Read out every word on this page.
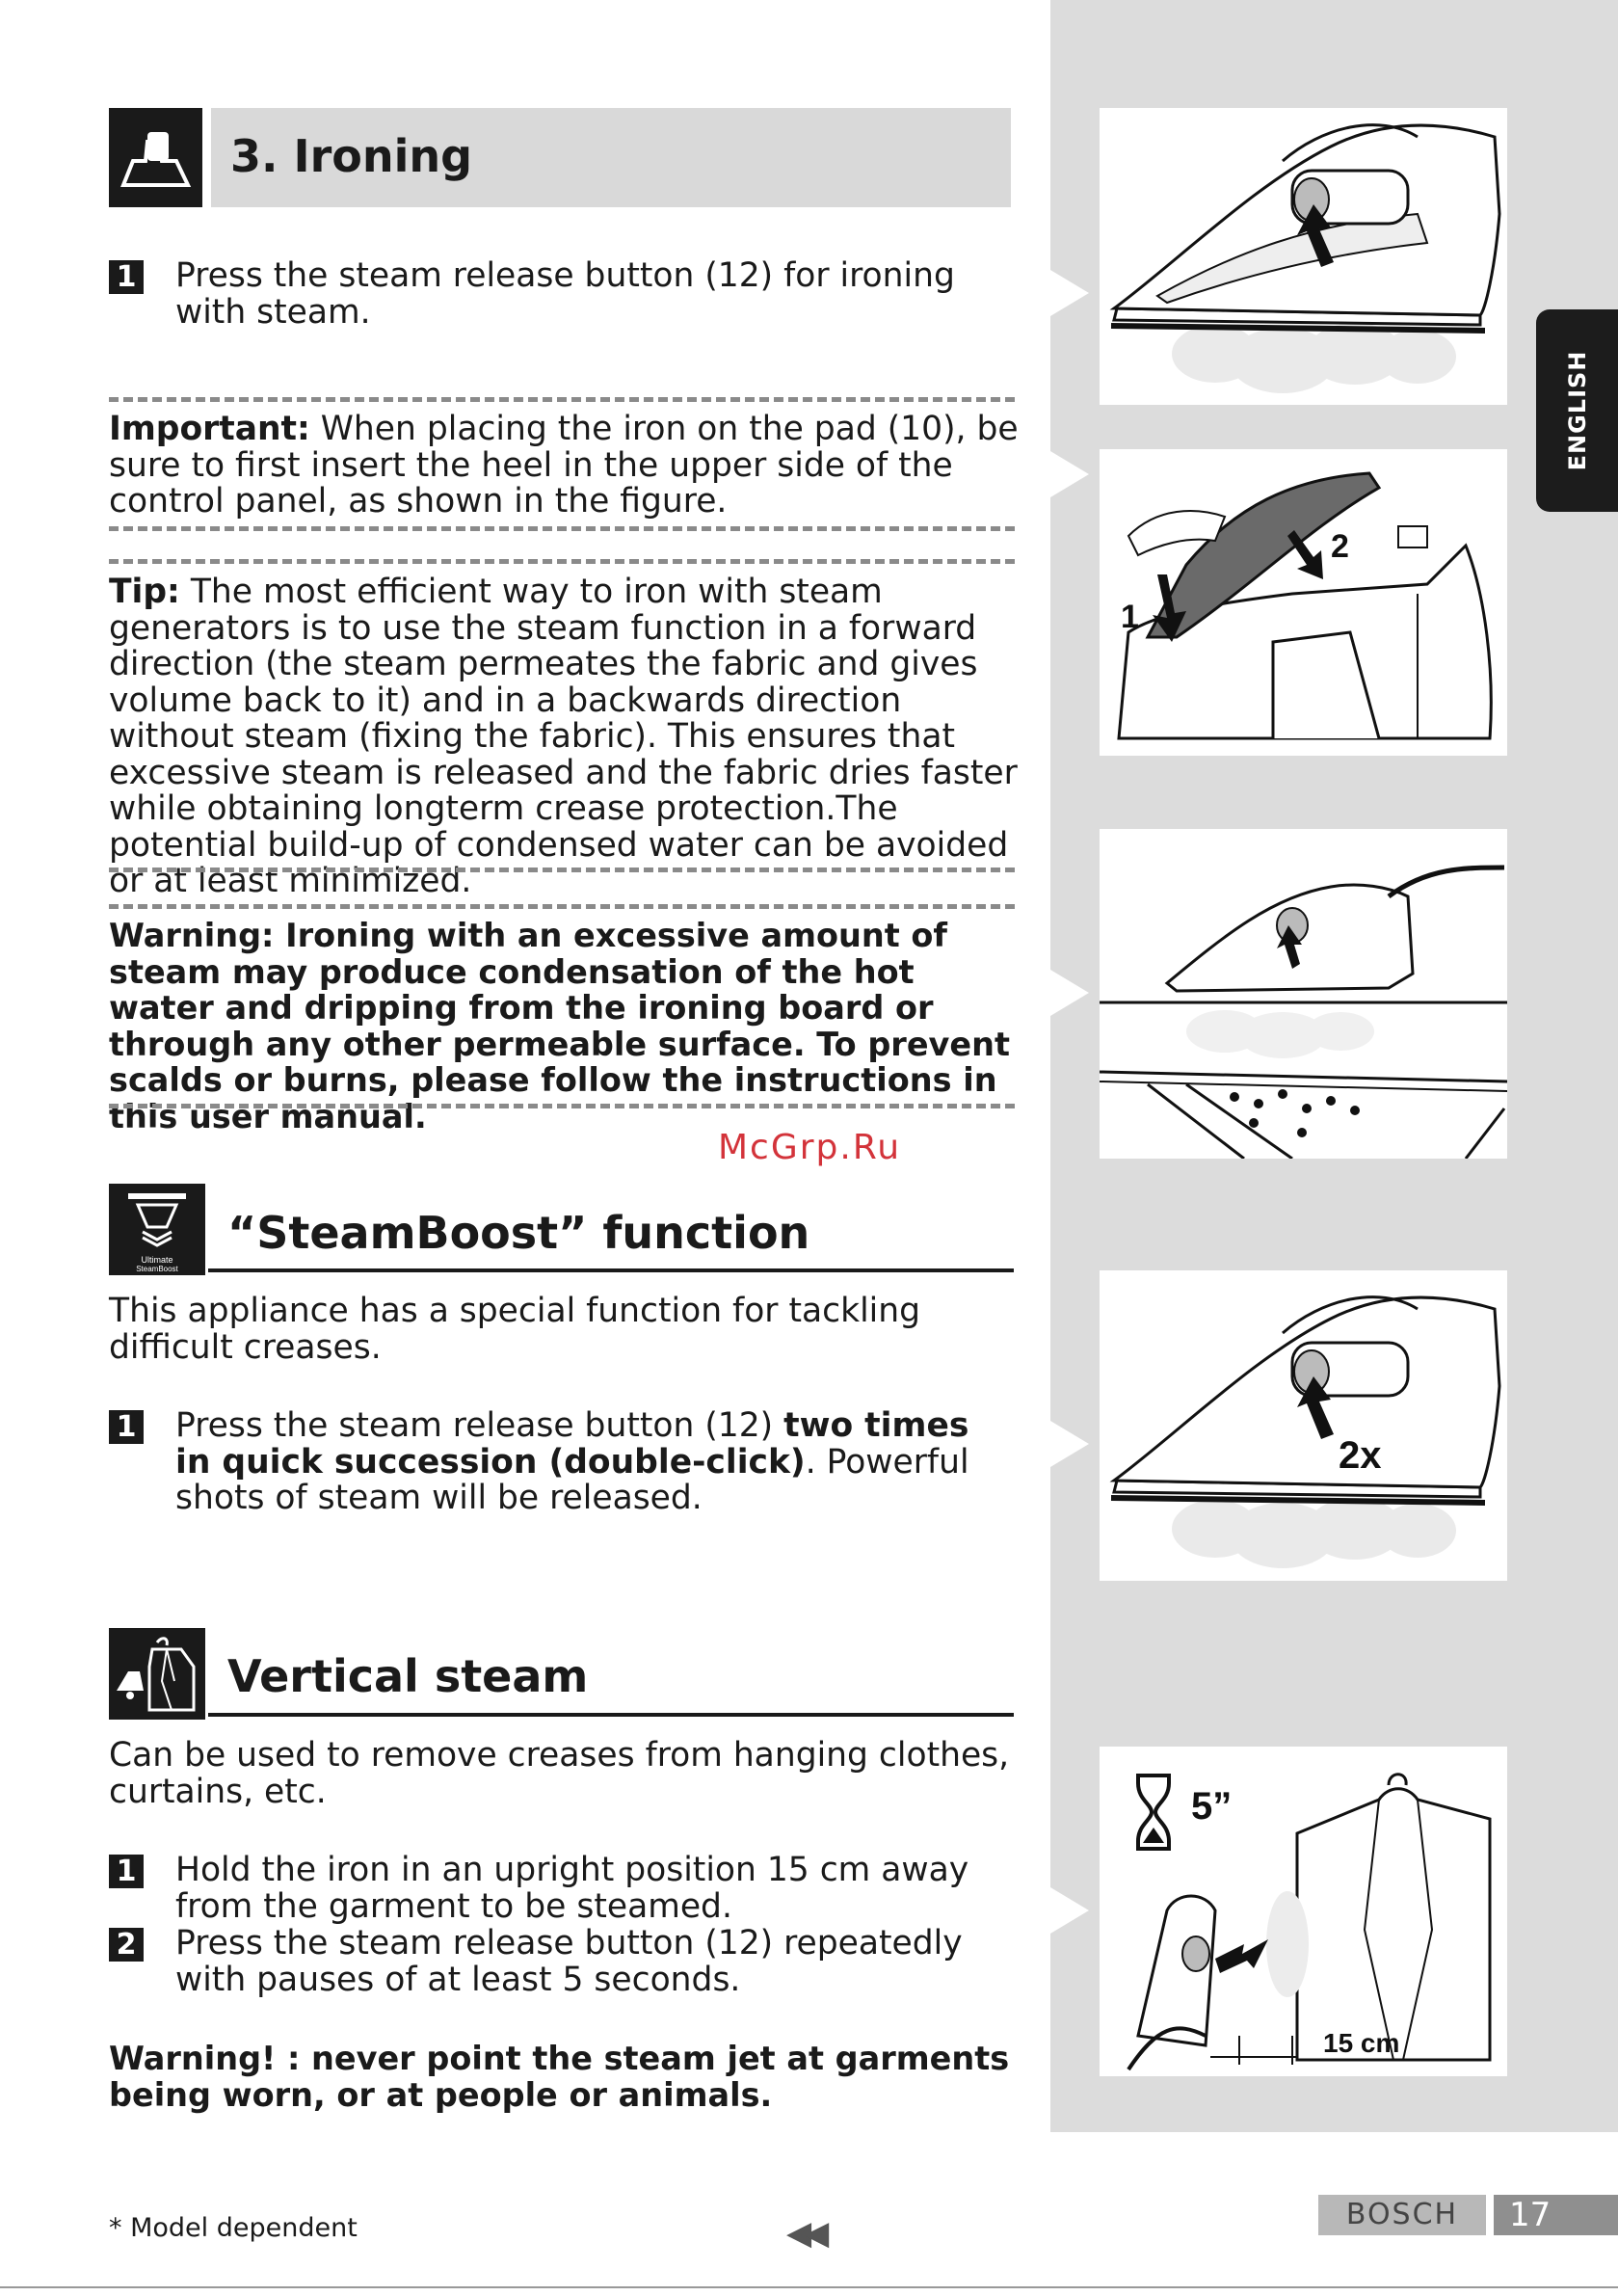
ENGLISH
1
2
2x
5”
15 cm
3. Ironing
1 Press the steam release button (12) for ironing with steam.
Important: When placing the iron on the pad (10), be sure to first insert the heel in the upper side of the control panel, as shown in the figure.
Tip: The most efficient way to iron with steam generators is to use the steam function in a forward direction (the steam permeates the fabric and gives volume back to it) and in a backwards direction without steam (fixing the fabric). This ensures that excessive steam is released and the fabric dries faster while obtaining longterm crease protection.The potential build-up of condensed water can be avoided or at least minimized.
Warning: Ironing with an excessive amount of steam may produce condensation of the hot water and dripping from the ironing board or through any other permeable surface. To prevent scalds or burns, please follow the instructions in this user manual.
McGrp.Ru
Ultimate
SteamBoost
“SteamBoost” function
This appliance has a special function for tackling difficult creases.
1 Press the steam release button (12) two times in quick succession (double-click). Powerful shots of steam will be released.
Vertical steam
Can be used to remove creases from hanging clothes, curtains, etc.
1 Hold the iron in an upright position 15 cm away from the garment to be steamed.
2 Press the steam release button (12) repeatedly with pauses of at least 5 seconds.
Warning! : never point the steam jet at garments being worn, or at people or animals.
* Model dependent	◀◀	BOSCH	17
